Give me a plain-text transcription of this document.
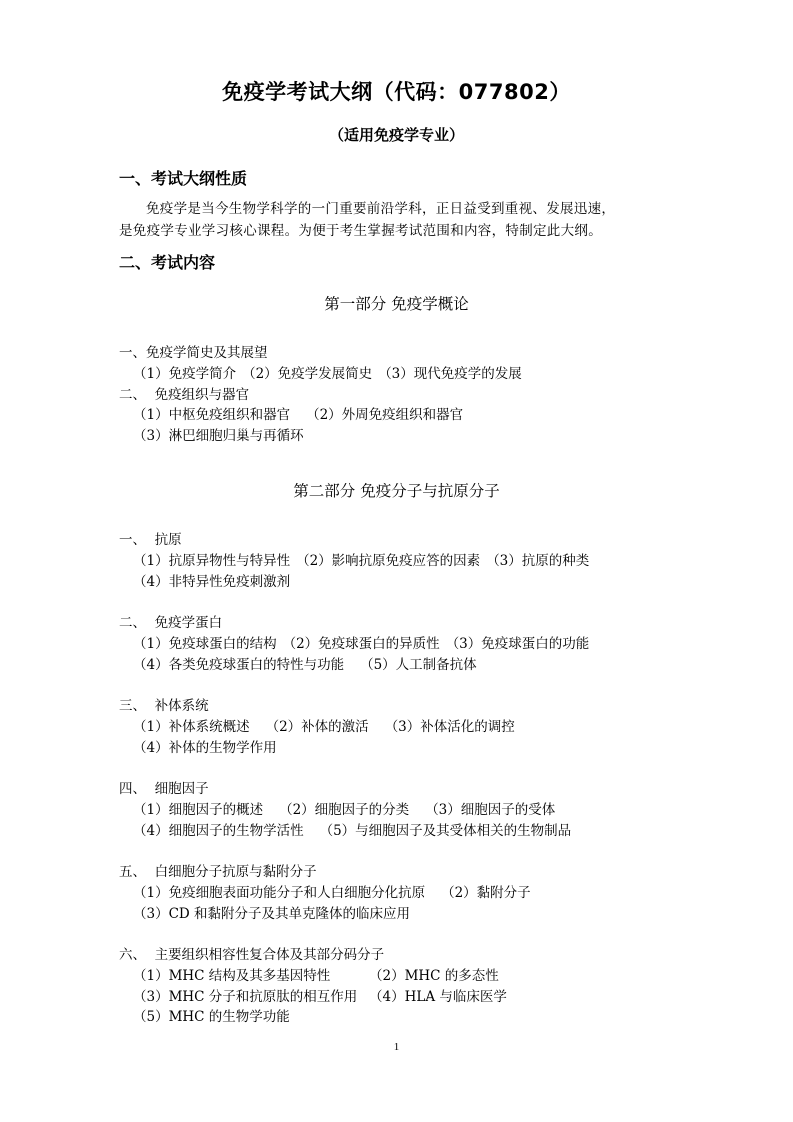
免疫学考试大纲（代码：077802）
（适用免疫学专业）
一、考试大纲性质
免疫学是当今生物学科学的一门重要前沿学科，正日益受到重视、发展迅速，
是免疫学专业学习核心课程。为便于考生掌握考试范围和内容，特制定此大纲。
二、考试内容
第一部分 免疫学概论
一、免疫学简史及其展望
（1）免疫学简介 （2）免疫学发展简史 （3）现代免疫学的发展
二、  免疫组织与器官
（1）中枢免疫组织和器官 （2）外周免疫组织和器官
（3）淋巴细胞归巢与再循环
第二部分 免疫分子与抗原分子
一、  抗原
（1）抗原异物性与特异性 （2）影响抗原免疫应答的因素 （3）抗原的种类
（4）非特异性免疫刺激剂
二、  免疫学蛋白
（1）免疫球蛋白的结构 （2）免疫球蛋白的异质性 （3）免疫球蛋白的功能
（4）各类免疫球蛋白的特性与功能 （5）人工制备抗体
三、  补体系统
（1）补体系统概述 （2）补体的激活 （3）补体活化的调控
（4）补体的生物学作用
四、  细胞因子
（1）细胞因子的概述 （2）细胞因子的分类 （3）细胞因子的受体
（4）细胞因子的生物学活性 （5）与细胞因子及其受体相关的生物制品
五、  白细胞分子抗原与黏附分子
（1）免疫细胞表面功能分子和人白细胞分化抗原 （2）黏附分子
（3）CD 和黏附分子及其单克隆体的临床应用
六、  主要组织相容性复合体及其部分码分子
（1）MHC 结构及其多基因特性	（2）MHC 的多态性
（3）MHC 分子和抗原肽的相互作用 （4）HLA 与临床医学
（5）MHC 的生物学功能
1
